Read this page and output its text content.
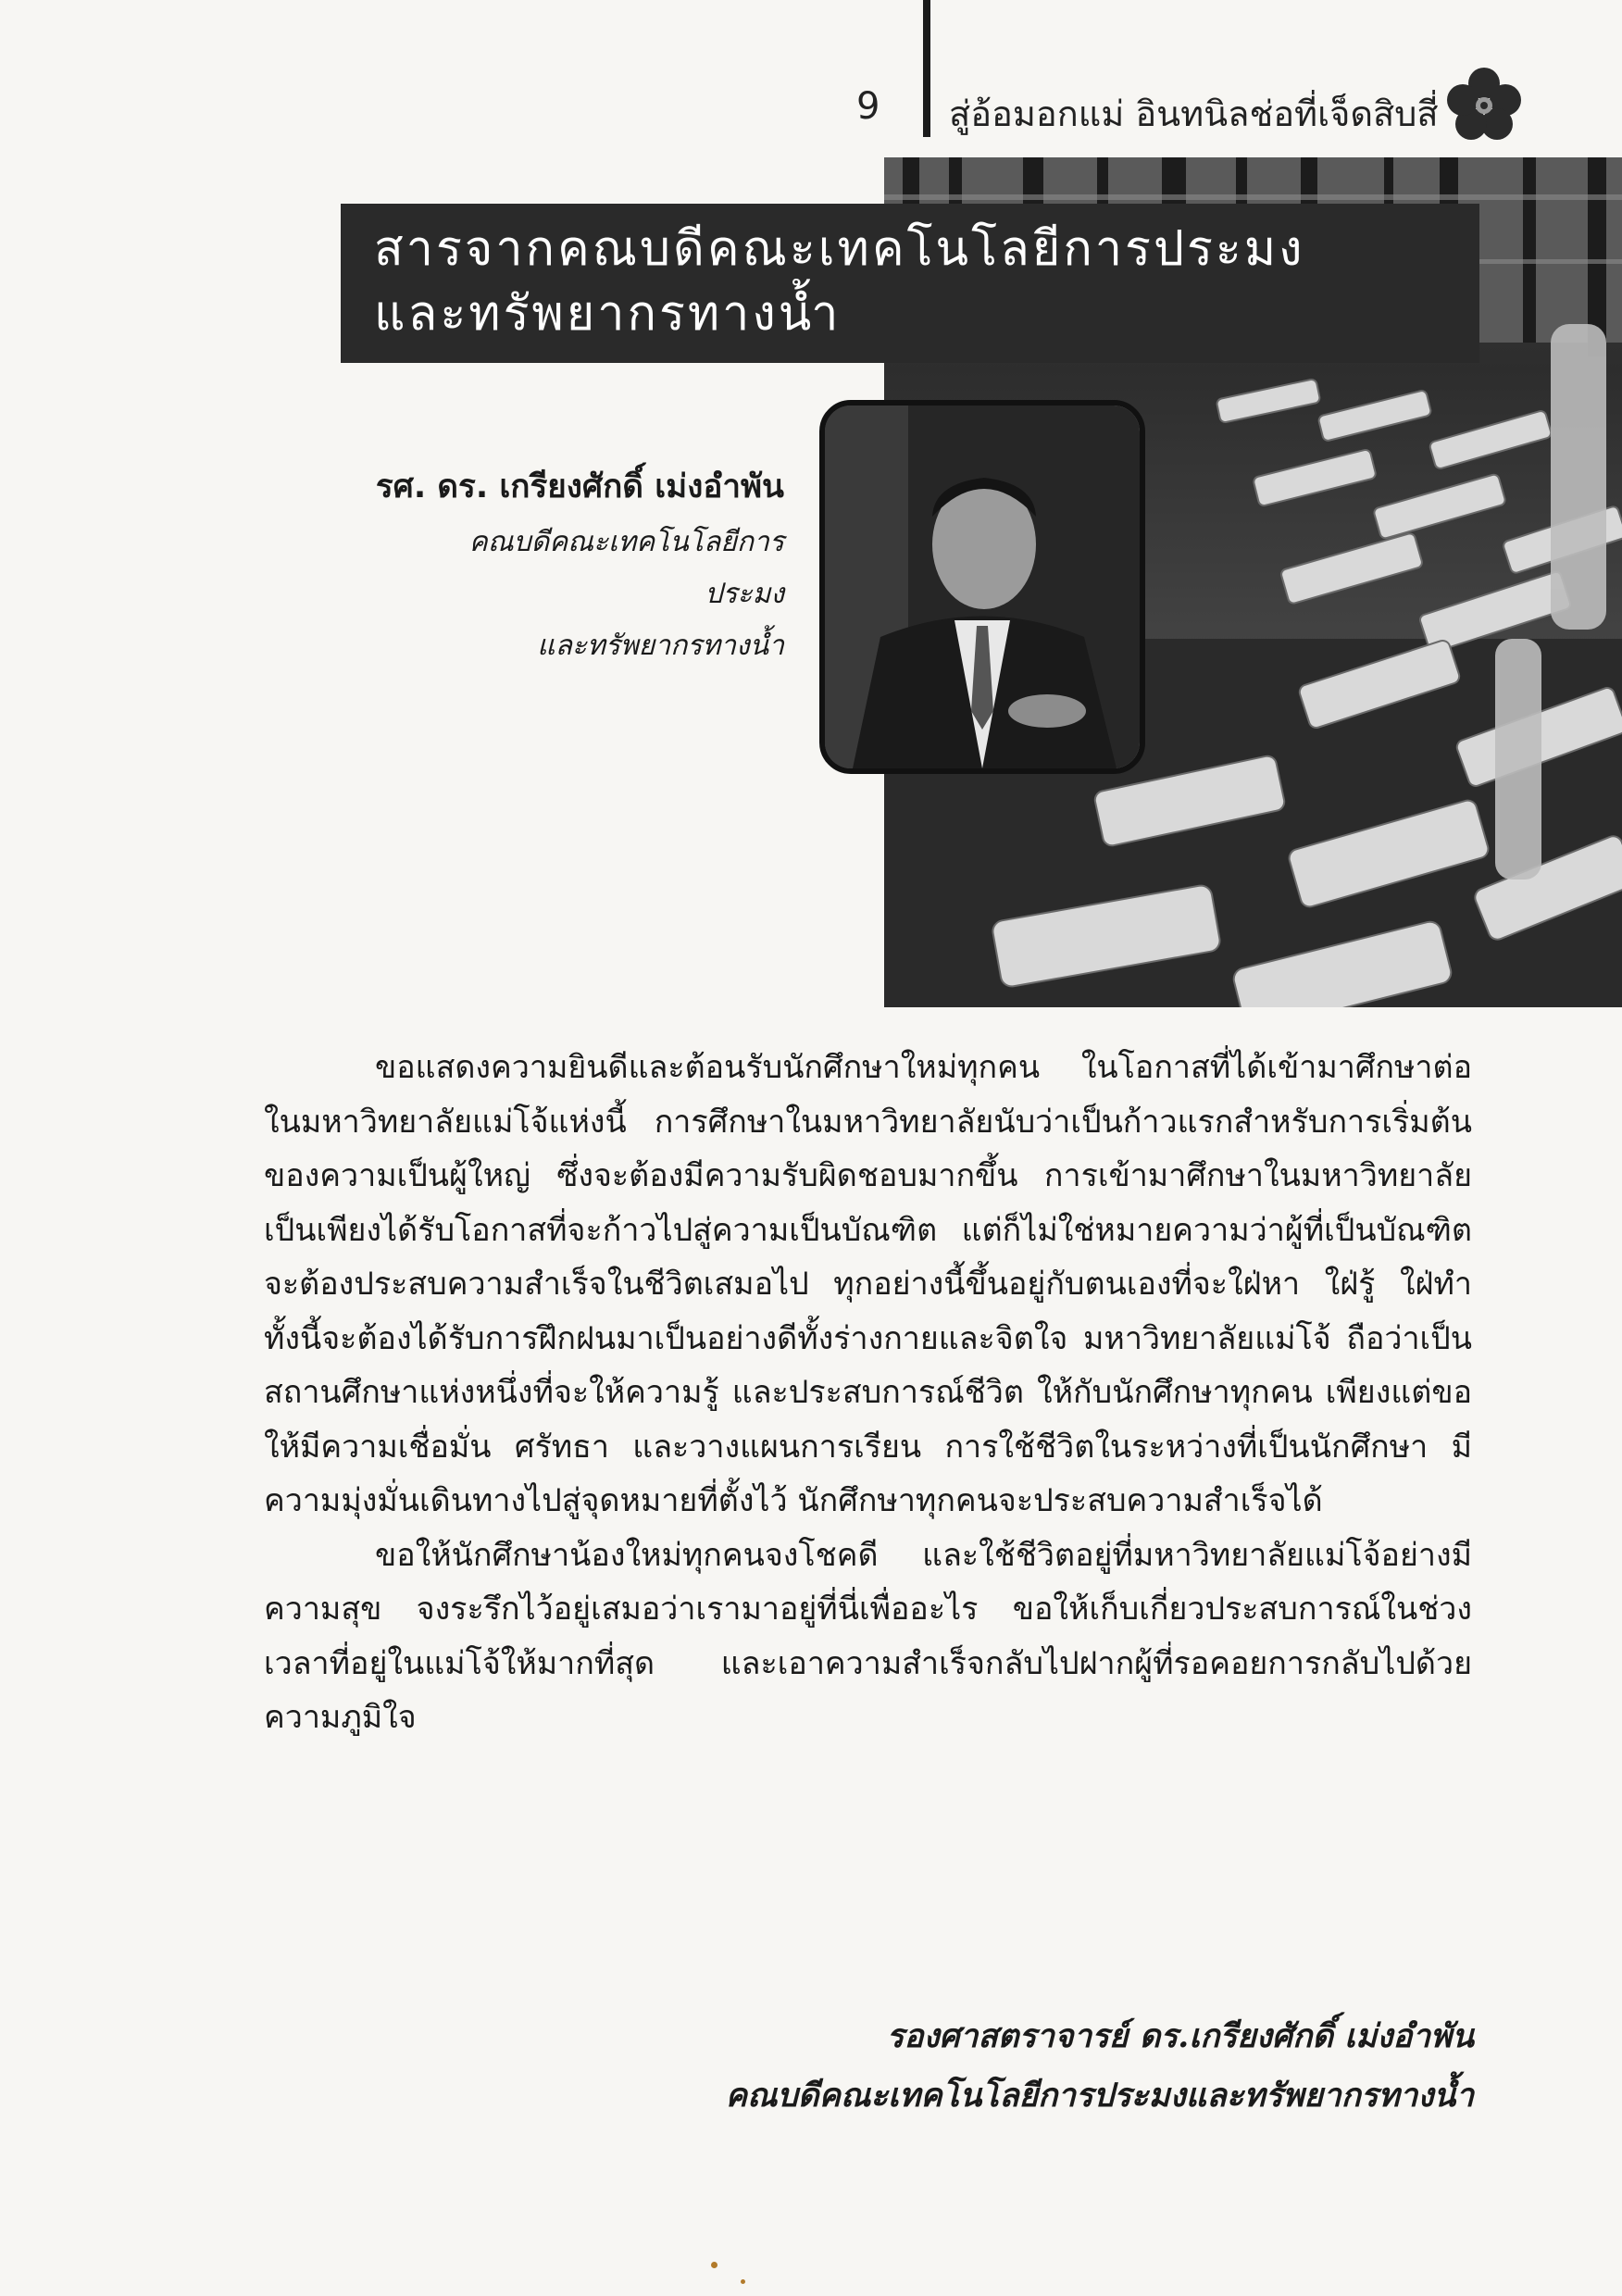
9 สู่อ้อมอกแม่ อินทนิลช่อที่เจ็ดสิบสี่
สารจากคณบดีคณะเทคโนโลยีการประมง
และทรัพยากรทางน้ำ
รศ. ดร. เกรียงศักดิ์ เม่งอำพัน
คณบดีคณะเทคโนโลยีการประมง
และทรัพยากรทางน้ำ

ขอแสดงความยินดีและต้อนรับนักศึกษาใหม่ทุกคน ในโอกาสที่ได้เข้ามาศึกษาต่อในมหาวิทยาลัยแม่โจ้แห่งนี้ การศึกษาในมหาวิทยาลัยนับว่าเป็นก้าวแรกสำหรับการเริ่มต้นของความเป็นผู้ใหญ่ ซึ่งจะต้องมีความรับผิดชอบมากขึ้น การเข้ามาศึกษาในมหาวิทยาลัยเป็นเพียงได้รับโอกาสที่จะก้าวไปสู่ความเป็นบัณฑิต แต่ก็ไม่ใช่หมายความว่าผู้ที่เป็นบัณฑิตจะต้องประสบความสำเร็จในชีวิตเสมอไป ทุกอย่างนี้ขึ้นอยู่กับตนเองที่จะใฝ่หา ใฝ่รู้ ใฝ่ทำ ทั้งนี้จะต้องได้รับการฝึกฝนมาเป็นอย่างดีทั้งร่างกายและจิตใจ มหาวิทยาลัยแม่โจ้ ถือว่าเป็นสถานศึกษาแห่งหนึ่งที่จะให้ความรู้ และประสบการณ์ชีวิต ให้กับนักศึกษาทุกคน เพียงแต่ขอให้มีความเชื่อมั่น ศรัทธา และวางแผนการเรียน การใช้ชีวิตในระหว่างที่เป็นนักศึกษา มีความมุ่งมั่นเดินทางไปสู่จุดหมายที่ตั้งไว้ นักศึกษาทุกคนจะประสบความสำเร็จได้

ขอให้นักศึกษาน้องใหม่ทุกคนจงโชคดี และใช้ชีวิตอยู่ที่มหาวิทยาลัยแม่โจ้อย่างมีความสุข จงระรึกไว้อยู่เสมอว่าเรามาอยู่ที่นี่เพื่ออะไร ขอให้เก็บเกี่ยวประสบการณ์ในช่วงเวลาที่อยู่ในแม่โจ้ให้มากที่สุด และเอาความสำเร็จกลับไปฝากผู้ที่รอคอยการกลับไปด้วยความภูมิใจ

รองศาสตราจารย์ ดร.เกรียงศักดิ์ เม่งอำพัน
คณบดีคณะเทคโนโลยีการประมงและทรัพยากรทางน้ำ
